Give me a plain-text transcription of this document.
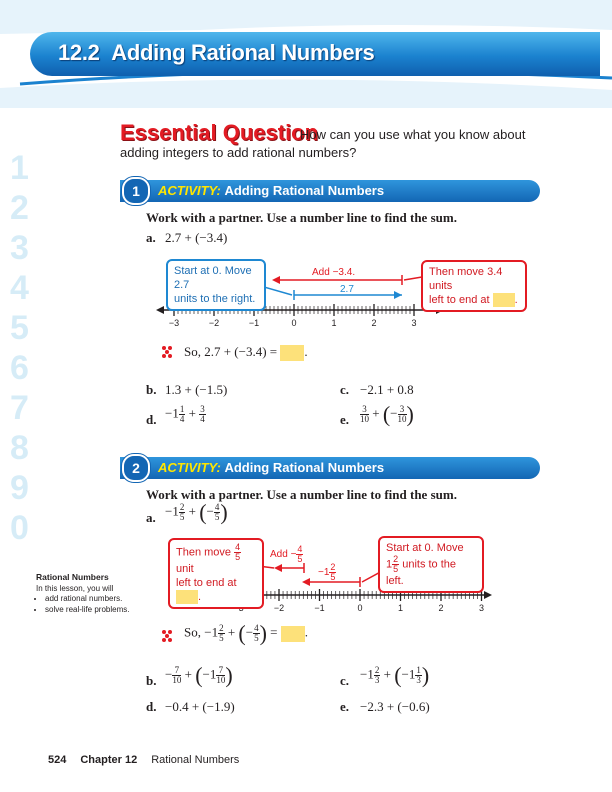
12.2 Adding Rational Numbers
1
2
3
4
5
6
7
8
9
0
Essential Question
How can you use what you know about
adding integers to add rational numbers?
1	ACTIVITY: Adding Rational Numbers
Work with a partner. Use a number line to find the sum.
a. 2.7 + (−3.4)
Add −3.4.
2.7
−3	−2	−1	0	1	2	3
Start at 0. Move 2.7
units to the right.
Then move 3.4 units
left to end at .
So, 2.7 + (−3.4) = .
b. 1.3 + (−1.5)	c. −2.1 + 0.8
d. $-1 \frac{1}{4} + \frac{3}{4}$	e. $\frac{3}{10}$ + (− $\frac{3}{10}$ )
2	ACTIVITY: Adding Rational Numbers
Work with a partner. Use a number line to find the sum.
a. $-1 \frac{2}{5}$ + (− $\frac{4}{5}$ )
Add − $\frac{4}{5}$
$-1 \frac{2}{5}$
−2	−1	0	1	2	3
Then move $\frac{4}{5}$
unit
left to end at .
Start at 0. Move
$1 \frac{2}{5}$ units to the left.
So, $-1 \frac{2}{5}$ + (− $\frac{4}{5}$ ) = .
b. − $\frac{7}{10} + (-1 \frac{7}{10}$ )	c. $-1 \frac{2}{3} + (-1 \frac{1}{3}$ )
d. −0.4 + (−1.9)	e. −2.3 + (−0.6)
Rational Numbers
In this lesson, you will
• add rational numbers.
• solve real-life problems.
524 Chapter 12 Rational Numbers
